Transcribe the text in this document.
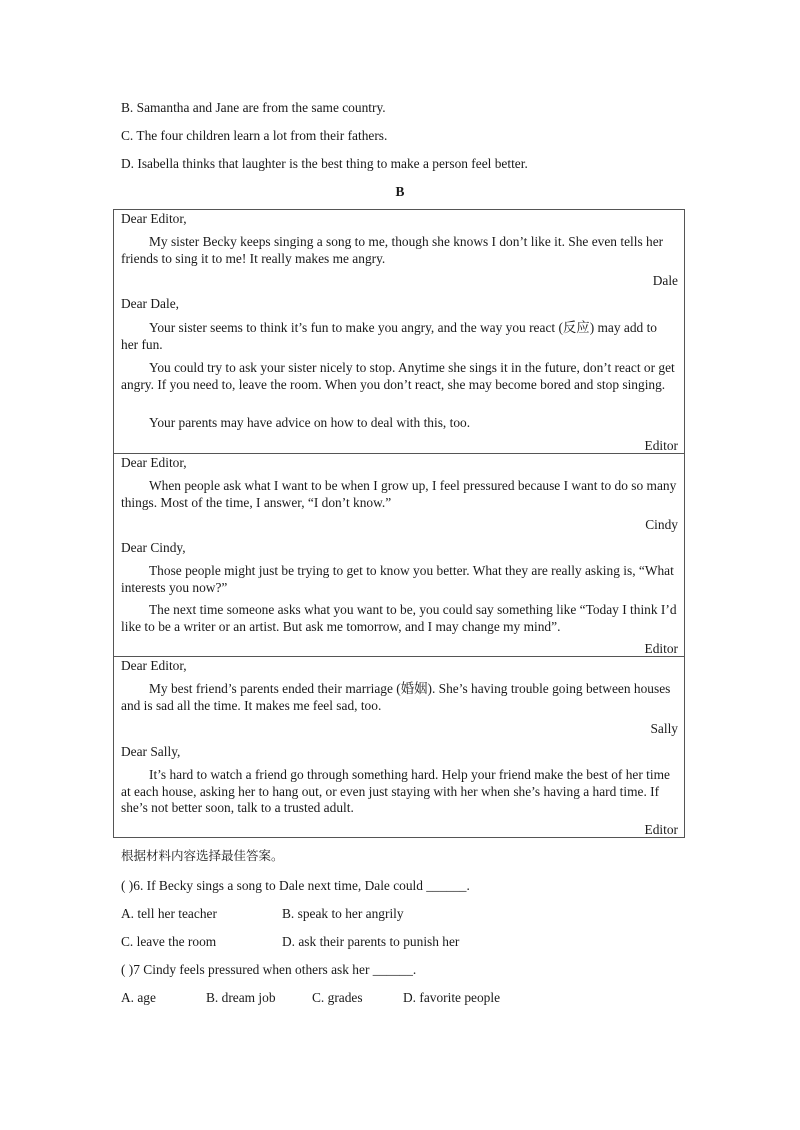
B. Samantha and Jane are from the same country.
C. The four children learn a lot from their fathers.
D. Isabella thinks that laughter is the best thing to make a person feel better.
B
Dear Editor,
My sister Becky keeps singing a song to me, though she knows I don’t like it. She even tells her friends to sing it to me! It really makes me angry.
Dale
Dear Dale,
Your sister seems to think it’s fun to make you angry, and the way you react (反应) may add to her fun.
You could try to ask your sister nicely to stop. Anytime she sings it in the future, don’t react or get angry. If you need to, leave the room. When you don’t react, she may become bored and stop singing.
Your parents may have advice on how to deal with this, too.
Editor
Dear Editor,
When people ask what I want to be when I grow up, I feel pressured because I want to do so many things. Most of the time, I answer, “I don’t know.”
Cindy
Dear Cindy,
Those people might just be trying to get to know you better. What they are really asking is, “What interests you now?”
The next time someone asks what you want to be, you could say something like “Today I think I’d like to be a writer or an artist. But ask me tomorrow, and I may change my mind”.
Editor
Dear Editor,
My best friend’s parents ended their marriage (婚姻). She’s having trouble going between houses and is sad all the time. It makes me feel sad, too.
Sally
Dear Sally,
It’s hard to watch a friend go through something hard. Help your friend make the best of her time at each house, asking her to hang out, or even just staying with her when she’s having a hard time. If she’s not better soon, talk to a trusted adult.
Editor
根据材料内容选择最佳答案。
( )6. If Becky sings a song to Dale next time, Dale could ______.
A. tell her teacher	B. speak to her angrily
C. leave the room	D. ask their parents to punish her
( )7 Cindy feels pressured when others ask her ______.
A. age	B. dream job	C. grades	D. favorite people
